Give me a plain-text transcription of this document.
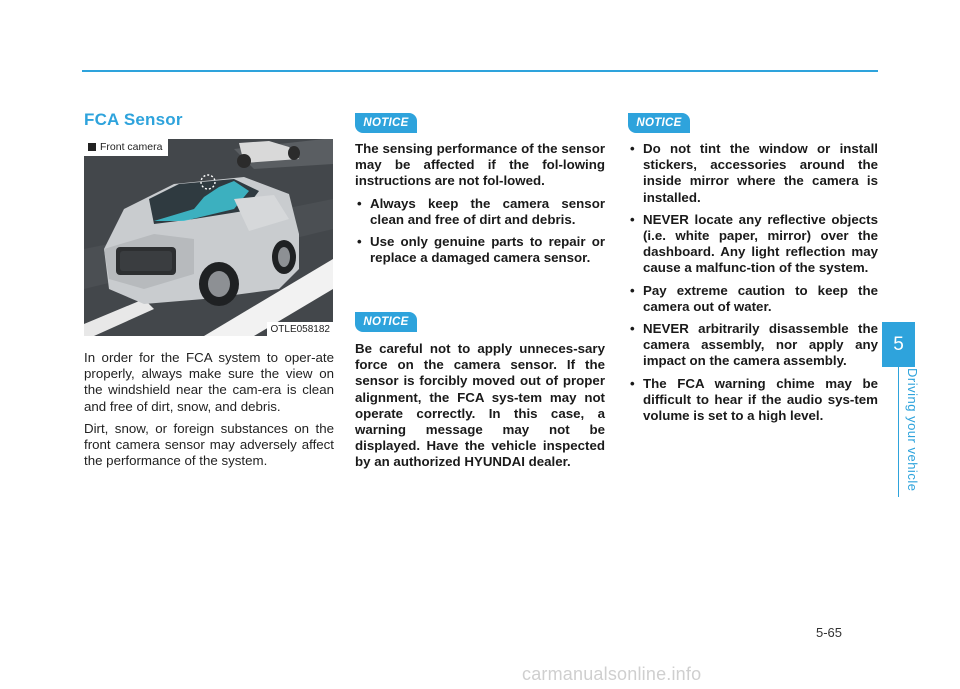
FCA Sensor
Front camera
OTLE058182

In order for the FCA system to oper-ate properly, always make sure the view on the windshield near the cam-era is clean and free of dirt, snow, and debris.

Dirt, snow, or foreign substances on the front camera sensor may adversely affect the performance of the system.

NOTICE

The sensing performance of the sensor may be affected if the fol-lowing instructions are not fol-lowed.

• Always keep the camera sensor clean and free of dirt and debris.
• Use only genuine parts to repair or replace a damaged camera sensor.
NOTICE

Be careful not to apply unneces-sary force on the camera sensor. If the sensor is forcibly moved out of proper alignment, the FCA sys-tem may not operate correctly. In this case, a warning message may not be displayed. Have the vehicle inspected by an authorized HYUNDAI dealer.

NOTICE
• Do not tint the window or install stickers, accessories around the inside mirror where the camera is installed.
• NEVER locate any reflective objects (i.e. white paper, mirror) over the dashboard. Any light reflection may cause a malfunc-tion of the system.
• Pay extreme caution to keep the camera out of water.
• NEVER arbitrarily disassemble the camera assembly, nor apply any impact on the camera assembly.
• The FCA warning chime may be difficult to hear if the audio sys-tem volume is set to a high level.
5
Driving your vehicle
5-65
carmanualsonline.info
